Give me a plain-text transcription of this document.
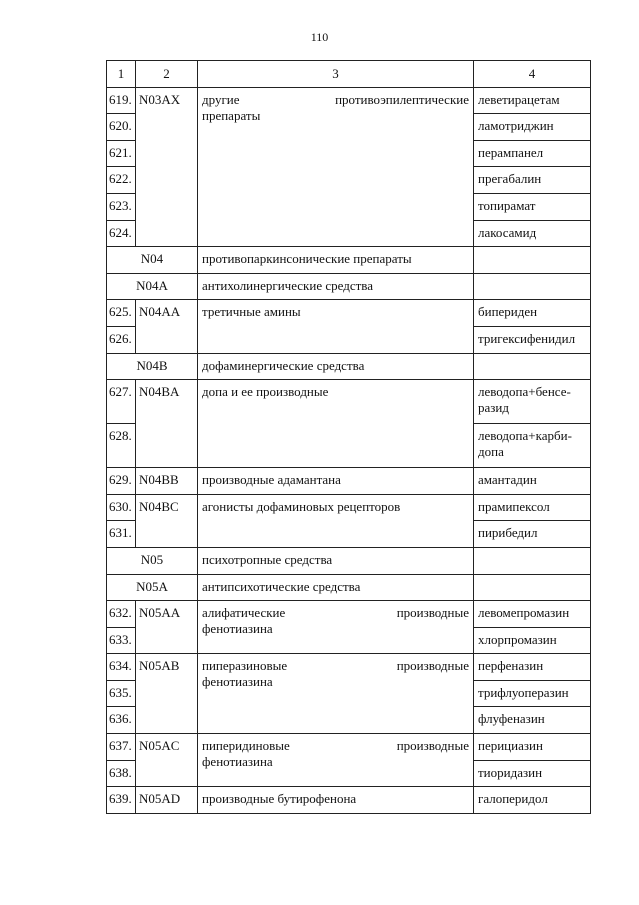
110
1	2	3	4
619.	N03AX	другие противоэпилептические
препараты	леветирацетам
620.			ламотриджин
621.			перампанел
622.			прегабалин
623.			топирамат
624.			лакосамид
N04		противопаркинсонические препараты	
N04A		антихолинергические средства	
625.	N04AA	третичные амины	бипериден
626.			тригексифенидил
N04B		дофаминергические средства	
627.	N04BA	допа и ее производные	леводопа+бенсе-
разид
628.			леводопа+карби-
допа
629.	N04BB	производные адамантана	амантадин
630.	N04BC	агонисты дофаминовых рецепторов	прамипексол
631.			пирибедил
N05		психотропные средства	
N05A		антипсихотические средства	
632.	N05AA	алифатические производные
фенотиазина	левомепромазин
633.			хлорпромазин
634.	N05AB	пиперазиновые производные
фенотиазина	перфеназин
635.			трифлуоперазин
636.			флуфеназин
637.	N05AC	пиперидиновые производные
фенотиазина	перициазин
638.			тиоридазин
639.	N05AD	производные бутирофенона	галоперидол
